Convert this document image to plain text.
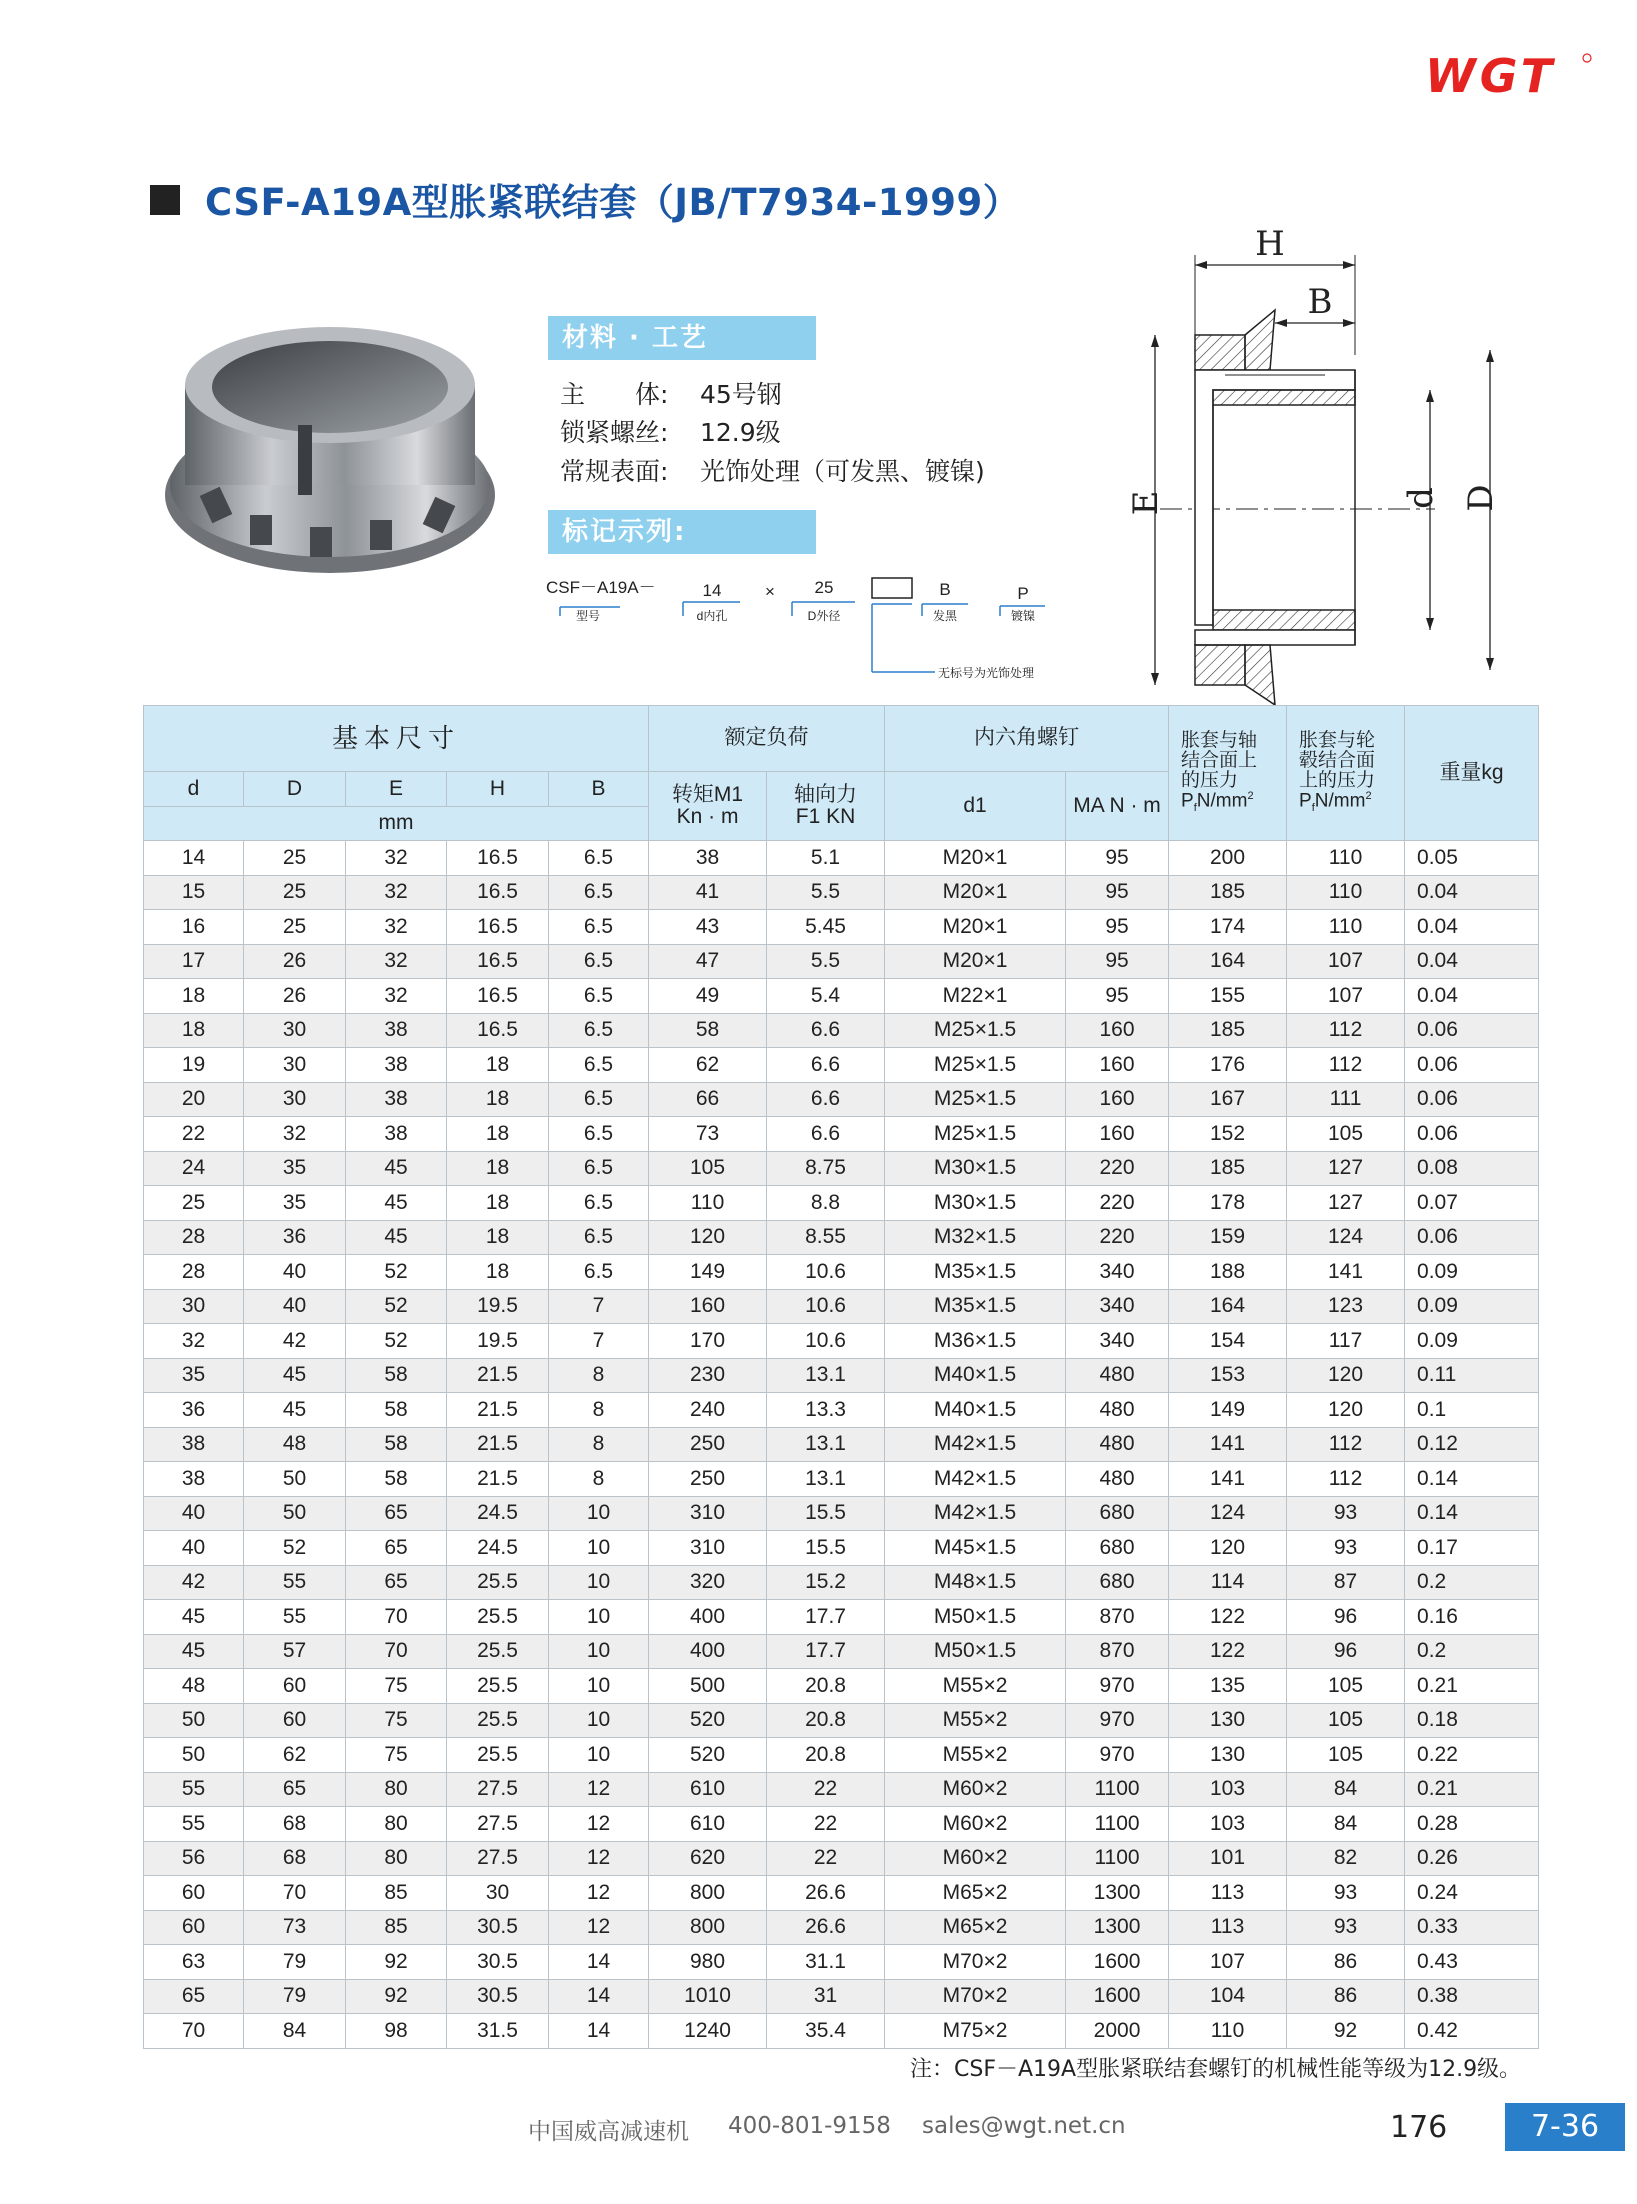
WGT
CSF-A19A型胀紧联结套（JB/T7934-1999）
材料 · 工艺
主　　体: 45号钢
锁紧螺丝: 12.9级
常规表面: 光饰处理（可发黑、镀镍)
标记示列:
CSF－A19A－
型号
14
d内孔
× 25
D外径
无标号为光饰处理
B
发黑
P
镀镍
H
B
E	d D
基本尺寸					额定负荷		内六角螺钉		胀套与轴
结合面上
的压力
$P_fN/mm^2$	胀套与轮
毂结合面
上的压力
$P_fN/mm^2$	重量kg
d	D	E	H	B	转矩M1
Kn · m	轴向力
F1 KN	d1	MA N · m			
mm											
14	25	32	16.5	6.5	38	5.1	M20×1	95	200	110	0.05
15	25	32	16.5	6.5	41	5.5	M20×1	95	185	110	0.04
16	25	32	16.5	6.5	43	5.45	M20×1	95	174	110	0.04
17	26	32	16.5	6.5	47	5.5	M20×1	95	164	107	0.04
18	26	32	16.5	6.5	49	5.4	M22×1	95	155	107	0.04
18	30	38	16.5	6.5	58	6.6	M25×1.5	160	185	112	0.06
19	30	38	18	6.5	62	6.6	M25×1.5	160	176	112	0.06
20	30	38	18	6.5	66	6.6	M25×1.5	160	167	111	0.06
22	32	38	18	6.5	73	6.6	M25×1.5	160	152	105	0.06
24	35	45	18	6.5	105	8.75	M30×1.5	220	185	127	0.08
25	35	45	18	6.5	110	8.8	M30×1.5	220	178	127	0.07
28	36	45	18	6.5	120	8.55	M32×1.5	220	159	124	0.06
28	40	52	18	6.5	149	10.6	M35×1.5	340	188	141	0.09
30	40	52	19.5	7	160	10.6	M35×1.5	340	164	123	0.09
32	42	52	19.5	7	170	10.6	M36×1.5	340	154	117	0.09
35	45	58	21.5	8	230	13.1	M40×1.5	480	153	120	0.11
36	45	58	21.5	8	240	13.3	M40×1.5	480	149	120	0.1
38	48	58	21.5	8	250	13.1	M42×1.5	480	141	112	0.12
38	50	58	21.5	8	250	13.1	M42×1.5	480	141	112	0.14
40	50	65	24.5	10	310	15.5	M42×1.5	680	124	93	0.14
40	52	65	24.5	10	310	15.5	M45×1.5	680	120	93	0.17
42	55	65	25.5	10	320	15.2	M48×1.5	680	114	87	0.2
45	55	70	25.5	10	400	17.7	M50×1.5	870	122	96	0.16
45	57	70	25.5	10	400	17.7	M50×1.5	870	122	96	0.2
48	60	75	25.5	10	500	20.8	M55×2	970	135	105	0.21
50	60	75	25.5	10	520	20.8	M55×2	970	130	105	0.18
50	62	75	25.5	10	520	20.8	M55×2	970	130	105	0.22
55	65	80	27.5	12	610	22	M60×2	1100	103	84	0.21
55	68	80	27.5	12	610	22	M60×2	1100	103	84	0.28
56	68	80	27.5	12	620	22	M60×2	1100	101	82	0.26
60	70	85	30	12	800	26.6	M65×2	1300	113	93	0.24
60	73	85	30.5	12	800	26.6	M65×2	1300	113	93	0.33
63	79	92	30.5	14	980	31.1	M70×2	1600	107	86	0.43
65	79	92	30.5	14	1010	31	M70×2	1600	104	86	0.38
70	84	98	31.5	14	1240	35.4	M75×2	2000	110	92	0.42
注：CSF－A19A型胀紧联结套螺钉的机械性能等级为12.9级。
中国威高减速机 400-801-9158 sales@wgt.net.cn	176	7-36
